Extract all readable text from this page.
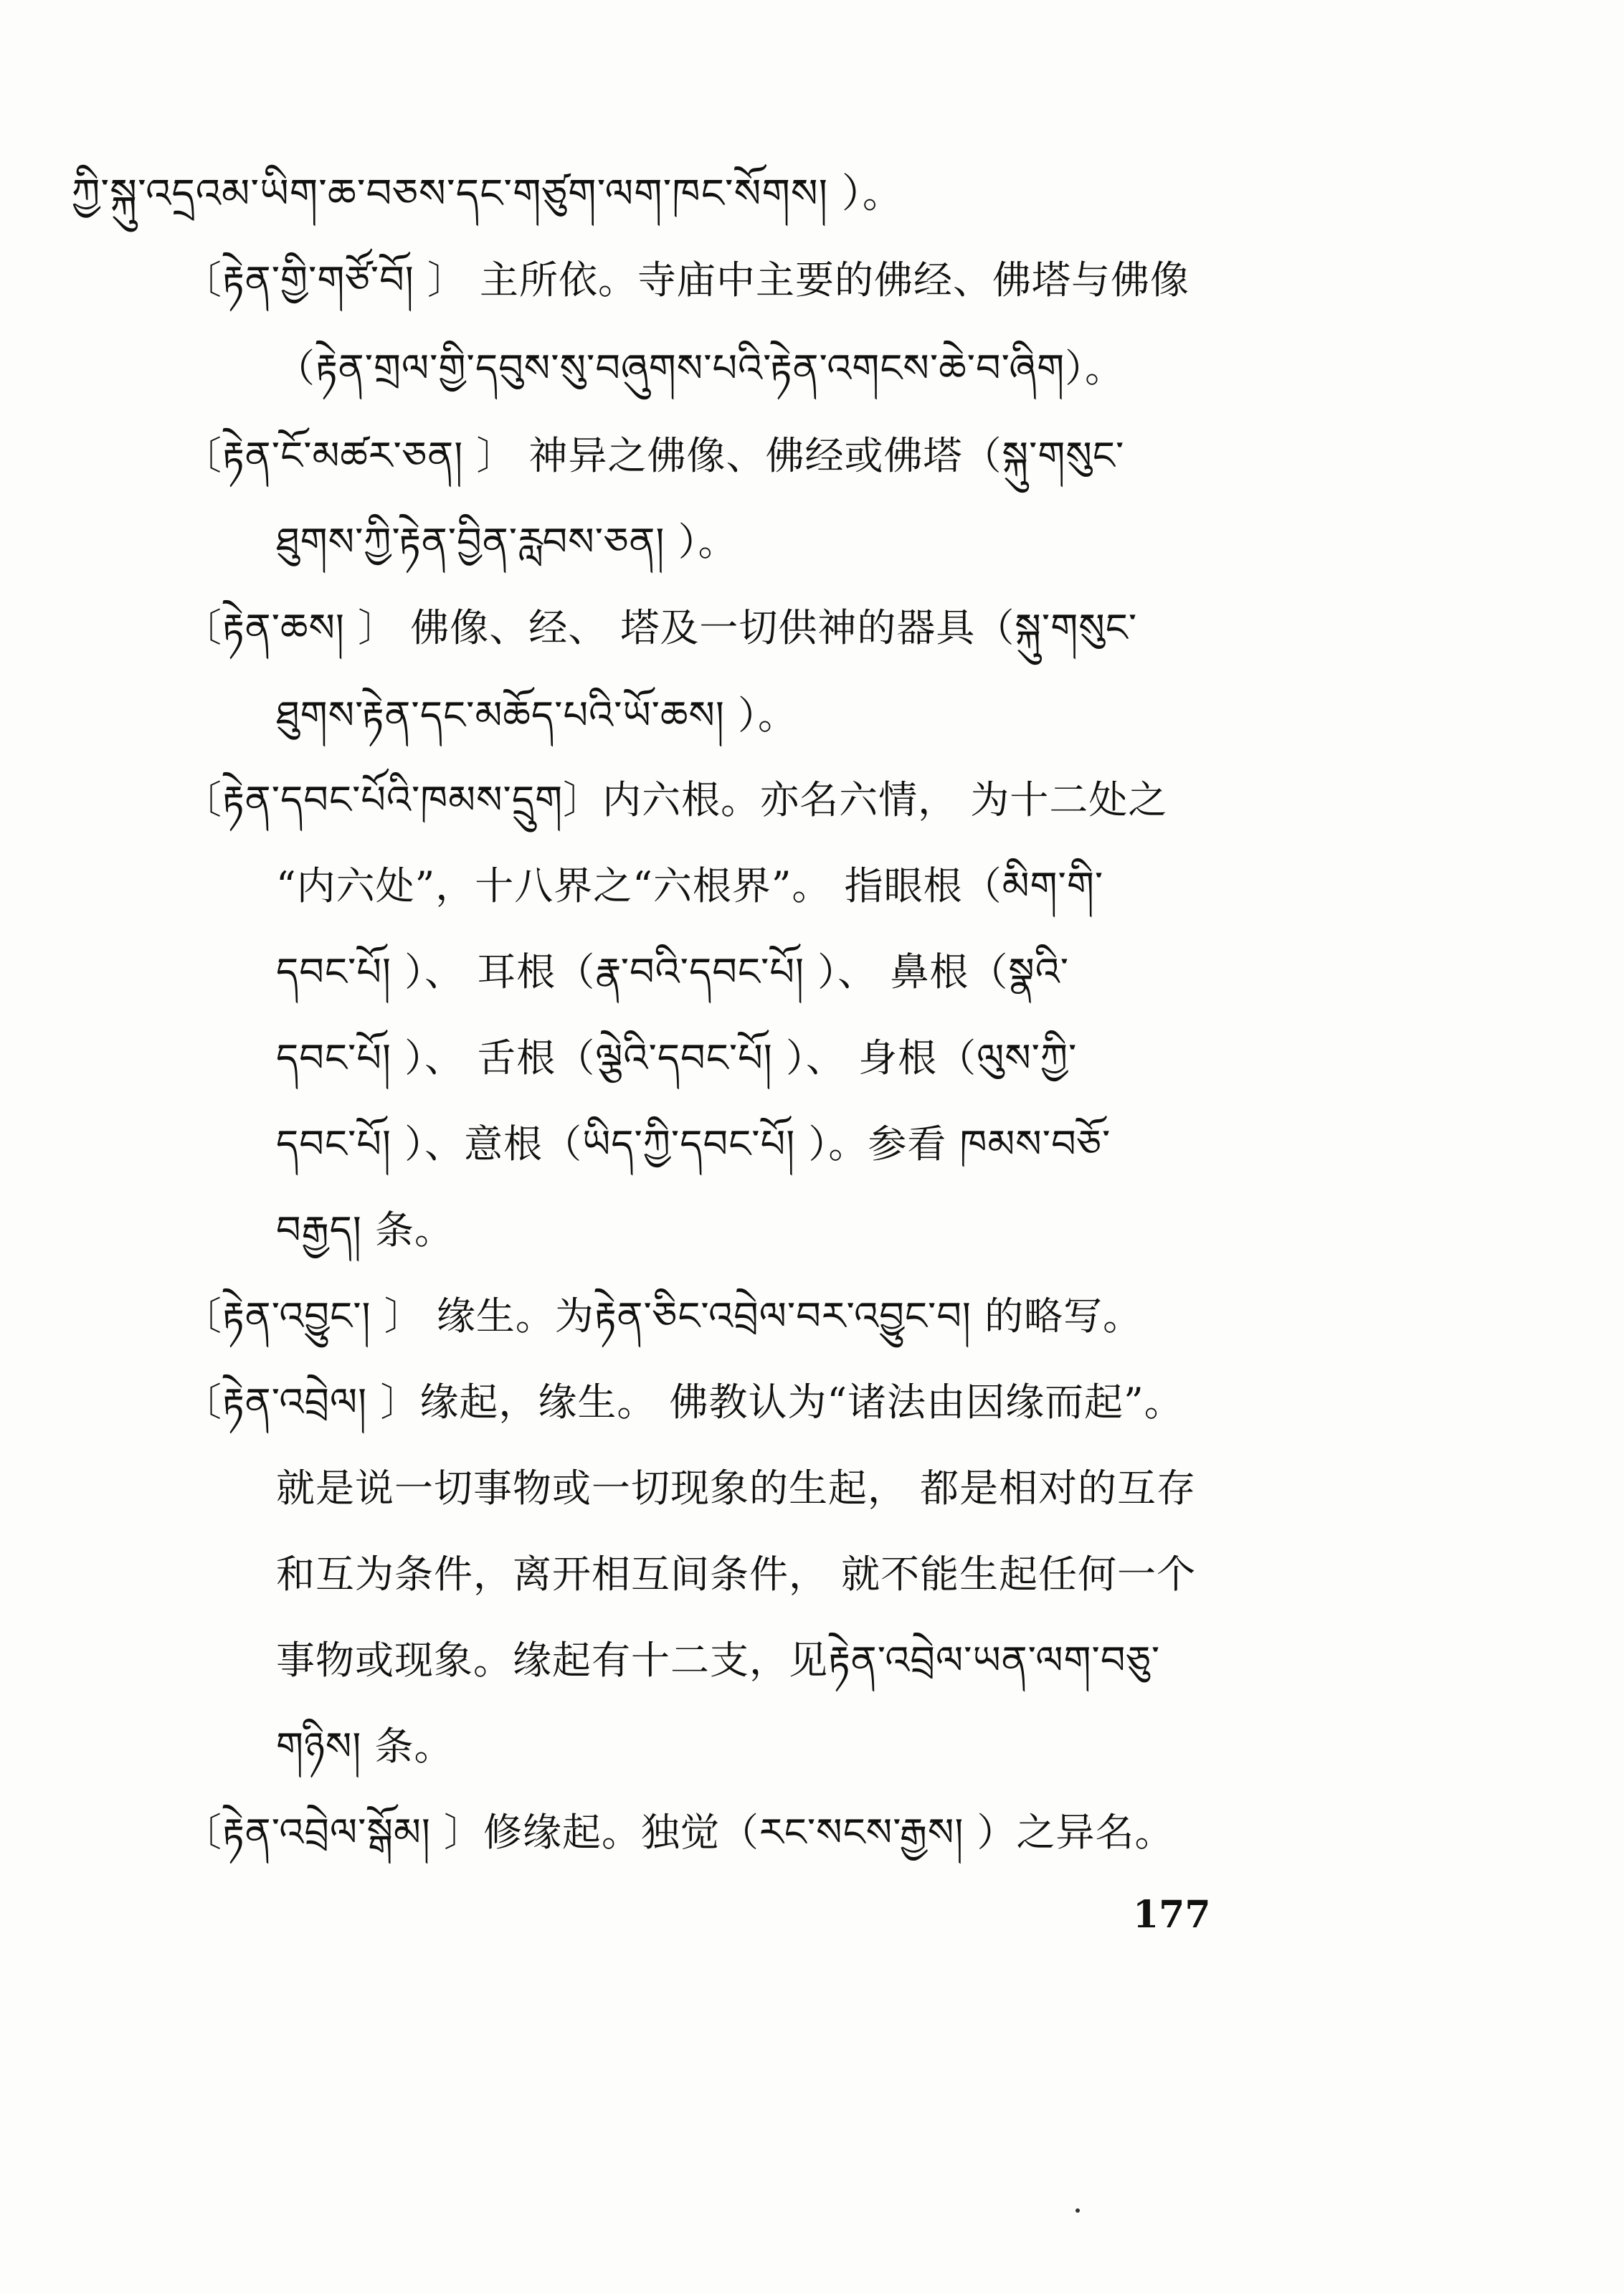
ཀྱི་སྐུ་འདྲའམ་ཡིག་ཆ་བཅས་དང་གཙུག་ལག་ཁང་སོགས། ）。
〔རྟེན་གྱི་གཙོ་བོ། 〕 主所依。寺庙中主要的佛经、佛塔与佛像
（རྟེན་གྲལ་གྱི་དབུས་སུ་བཞུགས་པའི་རྟེན་འགངས་ཆེ་བ་ཞིག）。
〔རྟེན་ངོ་མཚར་ཅན། 〕 神异之佛像、佛经或佛塔（སྐུ་གསུང་
ཐུགས་ཀྱི་རྟེན་བྱིན་རླབས་ཅན། ）。
〔རྟེན་ཆས། 〕 佛像、经、 塔及一切供神的器具（སྐུ་གསུང་
ཐུགས་རྟེན་དང་མཆོད་པའི་ཡོ་ཆས། ）。
〔རྟེན་དབང་པོའི་ཁམས་དྲུག〕内六根。亦名六情， 为十二处之
“内六处”，十八界之“六根界”。 指眼根（མིག་གི་
དབང་པོ། ）、 耳根（རྣ་བའི་དབང་པོ། ）、 鼻根（སྣའི་
དབང་པོ། ）、 舌根（ལྕེའི་དབང་པོ། ）、 身根（ལུས་ཀྱི་
དབང་པོ། ）、意根（ཡིད་ཀྱི་དབང་པོ། ）。参看 ཁམས་བཅོ་
བརྒྱད། 条。
〔རྟེན་འབྱུང་། 〕 缘生。为རྟེན་ཅིང་འབྲེལ་བར་འབྱུང་བ། 的略写。
〔རྟེན་འབྲེལ། 〕缘起，缘生。 佛教认为“诸法由因缘而起”。
就是说一切事物或一切现象的生起， 都是相对的互存
和互为条件，离开相互间条件， 就不能生起任何一个
事物或现象。缘起有十二支，见རྟེན་འབྲེལ་ཡན་ལག་བཅུ་
གཉིས། 条。
〔རྟེན་འབྲེལ་སྒོམ། 〕修缘起。独觉（རང་སངས་རྒྱས། ）之异名。
177
